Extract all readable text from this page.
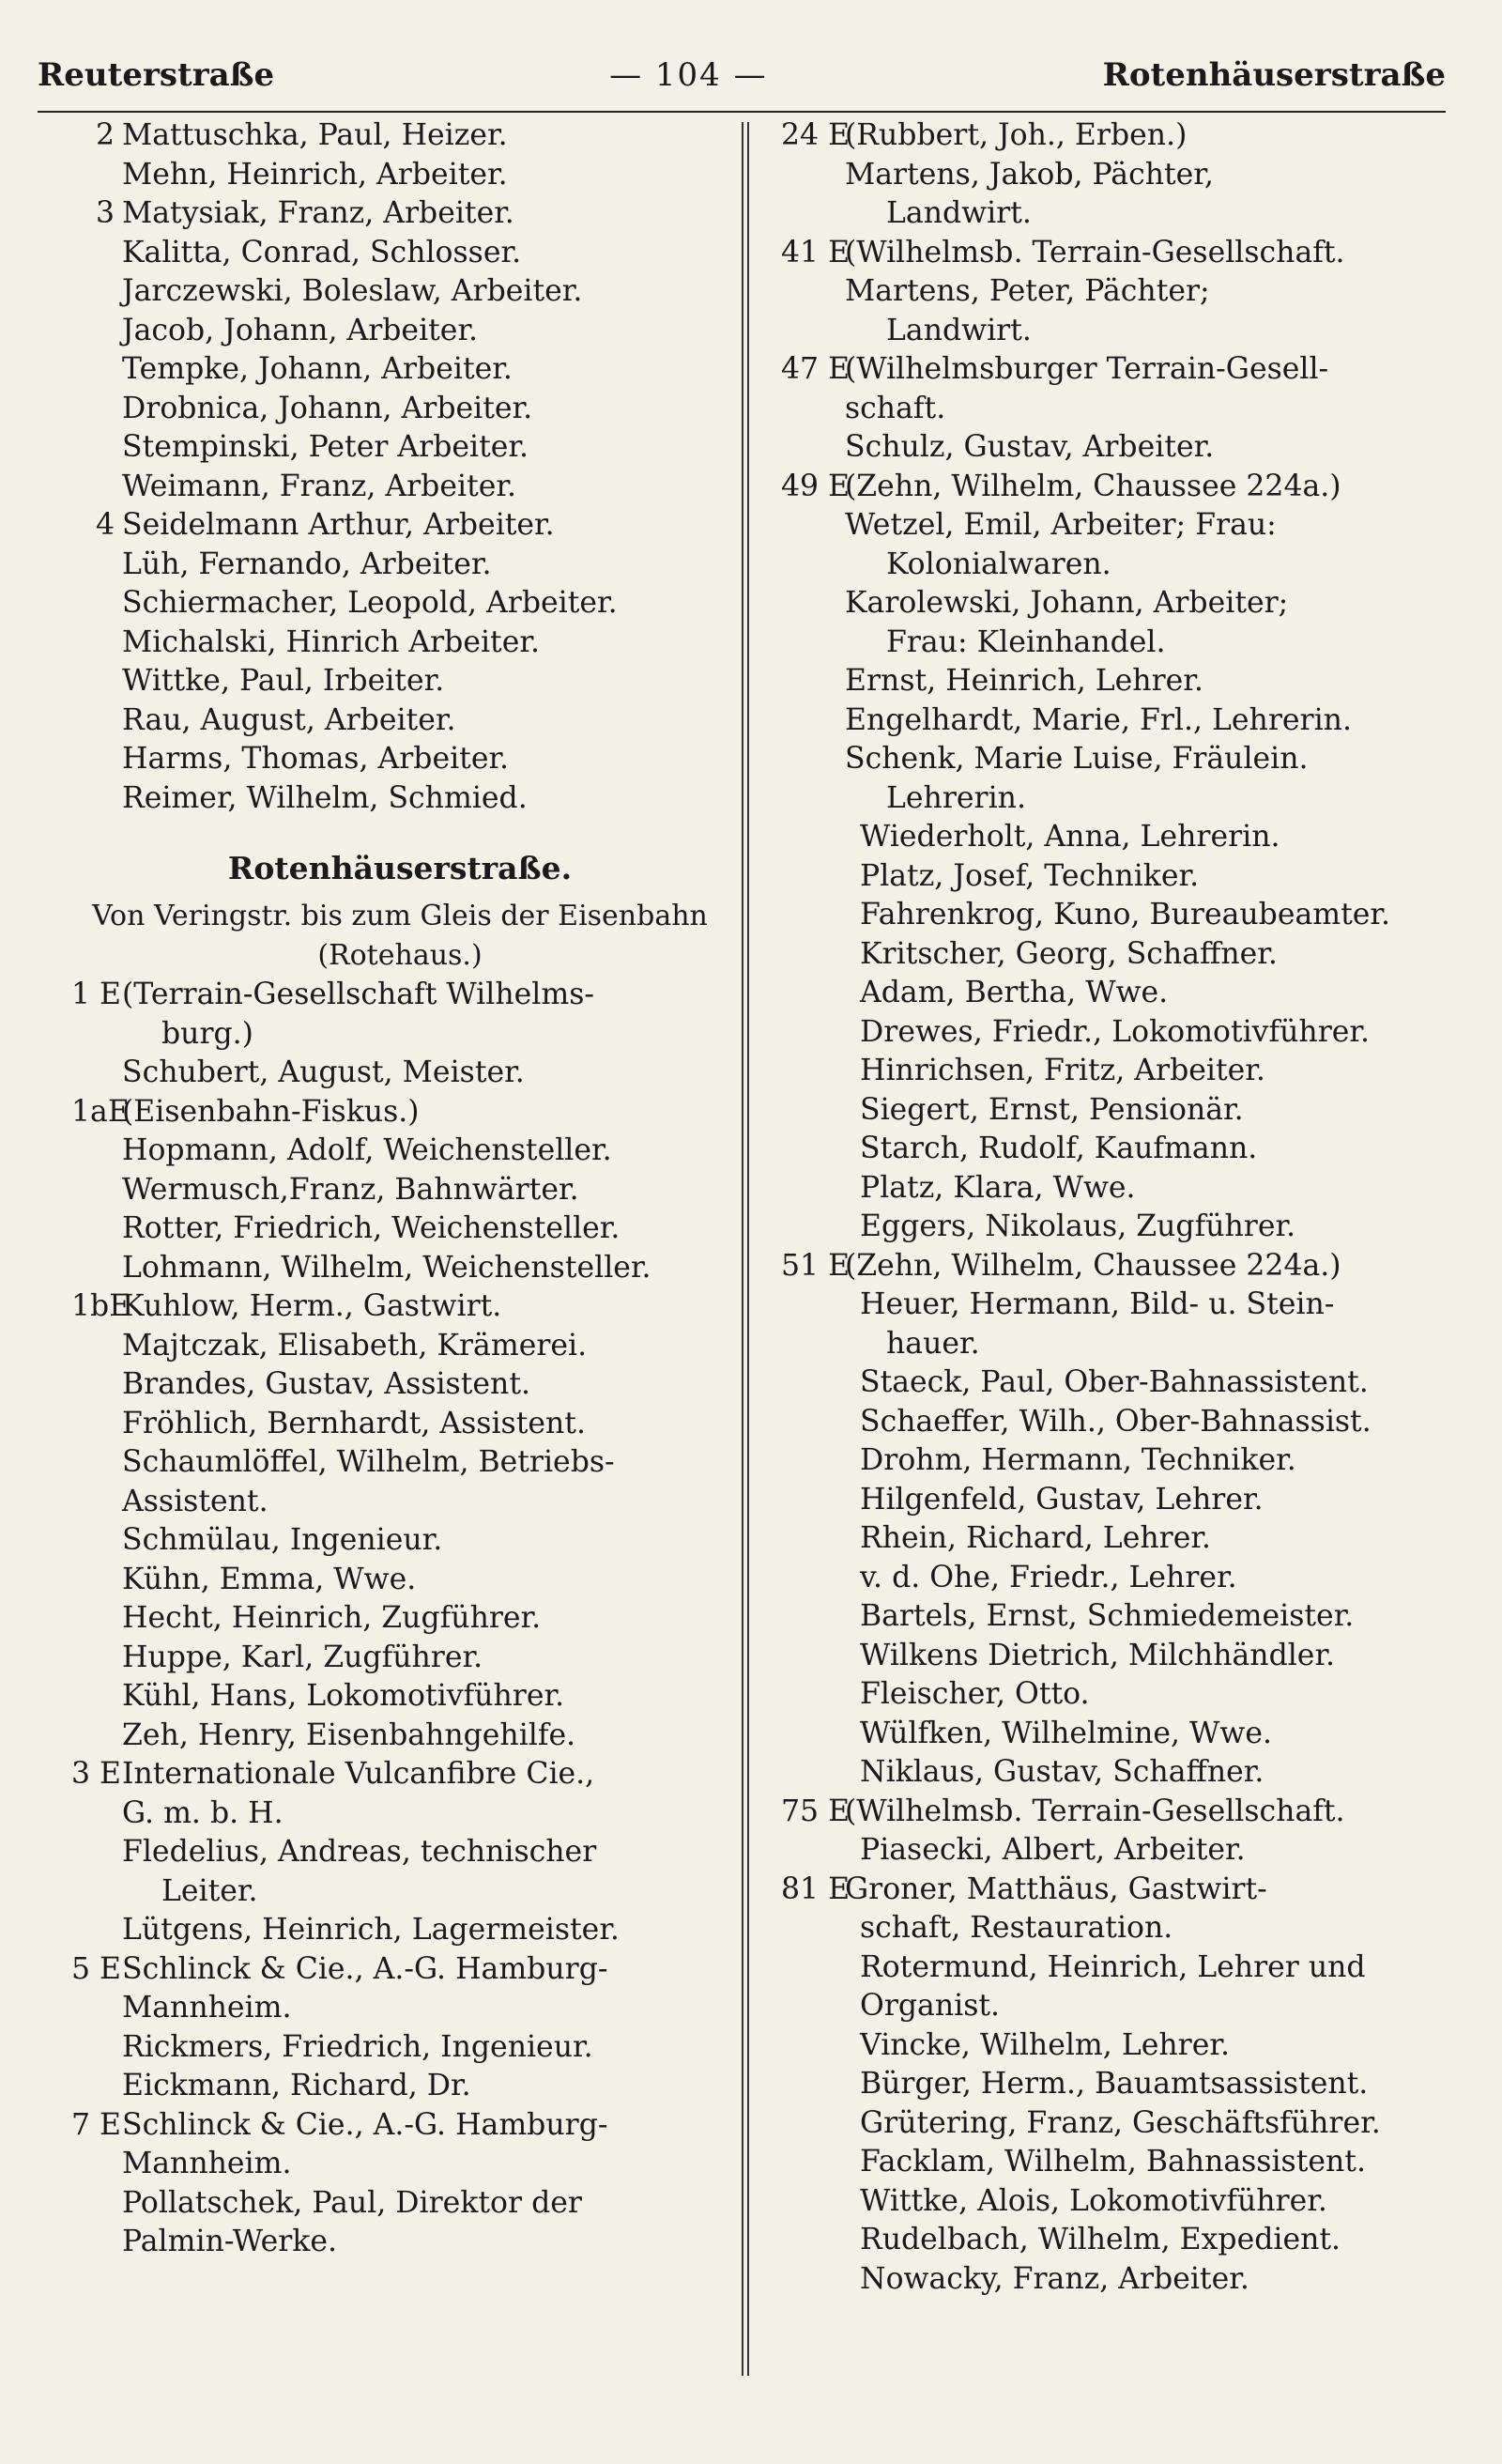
Reuterstraße	— 104 —	Rotenhäuserstraße
2 Mattuschka, Paul, Heizer.
Mehn, Heinrich, Arbeiter.
3 Matysiak, Franz, Arbeiter.
Kalitta, Conrad, Schlosser.
Jarczewski, Boleslaw, Arbeiter.
Jacob, Johann, Arbeiter.
Tempke, Johann, Arbeiter.
Drobnica, Johann, Arbeiter.
Stempinski, Peter Arbeiter.
Weimann, Franz, Arbeiter.
4 Seidelmann Arthur, Arbeiter.
Lüh, Fernando, Arbeiter.
Schiermacher, Leopold, Arbeiter.
Michalski, Hinrich Arbeiter.
Wittke, Paul, Irbeiter.
Rau, August, Arbeiter.
Harms, Thomas, Arbeiter.
Reimer, Wilhelm, Schmied.
Rotenhäuserstraße.
Von Veringstr. bis zum Gleis der Eisenbahn
(Rotehaus.)
1 E (Terrain-Gesellschaft Wilhelms-
burg.)
Schubert, August, Meister.
1aE
(Eisenbahn-Fiskus.)
Hopmann, Adolf, Weichensteller.
Wermusch,Franz, Bahnwärter.
Rotter, Friedrich, Weichensteller.
Lohmann, Wilhelm, Weichensteller.
1bE
Kuhlow, Herm., Gastwirt.
Majtczak, Elisabeth, Krämerei.
Brandes, Gustav, Assistent.
Fröhlich, Bernhardt, Assistent.
Schaumlöffel, Wilhelm, Betriebs-
Assistent.
Schmülau, Ingenieur.
Kühn, Emma, Wwe.
Hecht, Heinrich, Zugführer.
Huppe, Karl, Zugführer.
Kühl, Hans, Lokomotivführer.
Zeh, Henry, Eisenbahngehilfe.
3 E Internationale Vulcanfibre Cie.,
G. m. b. H.
Fledelius, Andreas, technischer
Leiter.
Lütgens, Heinrich, Lagermeister.
5 E Schlinck & Cie., A.-G. Hamburg-
Mannheim.
Rickmers, Friedrich, Ingenieur.
Eickmann, Richard, Dr.
7 E Schlinck & Cie., A.-G. Hamburg-
Mannheim.
Pollatschek, Paul, Direktor der
Palmin-Werke.
24 E
(Rubbert, Joh., Erben.)
Martens, Jakob, Pächter,
Landwirt.
41 E
(Wilhelmsb. Terrain-Gesellschaft.
Martens, Peter, Pächter;
Landwirt.
47 E
(Wilhelmsburger Terrain-Gesell-
schaft.
Schulz, Gustav, Arbeiter.
49 E
(Zehn, Wilhelm, Chaussee 224a.)
Wetzel, Emil, Arbeiter; Frau:
Kolonialwaren.
Karolewski, Johann, Arbeiter;
Frau: Kleinhandel.
Ernst, Heinrich, Lehrer.
Engelhardt, Marie, Frl., Lehrerin.
Schenk, Marie Luise, Fräulein.
Lehrerin.
Wiederholt, Anna, Lehrerin.
Platz, Josef, Techniker.
Fahrenkrog, Kuno, Bureaubeamter.
Kritscher, Georg, Schaffner.
Adam, Bertha, Wwe.
Drewes, Friedr., Lokomotivführer.
Hinrichsen, Fritz, Arbeiter.
Siegert, Ernst, Pensionär.
Starch, Rudolf, Kaufmann.
Platz, Klara, Wwe.
Eggers, Nikolaus, Zugführer.
51 E
(Zehn, Wilhelm, Chaussee 224a.)
Heuer, Hermann, Bild- u. Stein-
hauer.
Staeck, Paul, Ober-Bahnassistent.
Schaeffer, Wilh., Ober-Bahnassist.
Drohm, Hermann, Techniker.
Hilgenfeld, Gustav, Lehrer.
Rhein, Richard, Lehrer.
v. d. Ohe, Friedr., Lehrer.
Bartels, Ernst, Schmiedemeister.
Wilkens Dietrich, Milchhändler.
Fleischer, Otto.
Wülfken, Wilhelmine, Wwe.
Niklaus, Gustav, Schaffner.
75 E
(Wilhelmsb. Terrain-Gesellschaft.
Piasecki, Albert, Arbeiter.
81 E
Groner, Matthäus, Gastwirt-
schaft, Restauration.
Rotermund, Heinrich, Lehrer und
Organist.
Vincke, Wilhelm, Lehrer.
Bürger, Herm., Bauamtsassistent.
Grütering, Franz, Geschäftsführer.
Facklam, Wilhelm, Bahnassistent.
Wittke, Alois, Lokomotivführer.
Rudelbach, Wilhelm, Expedient.
Nowacky, Franz, Arbeiter.
